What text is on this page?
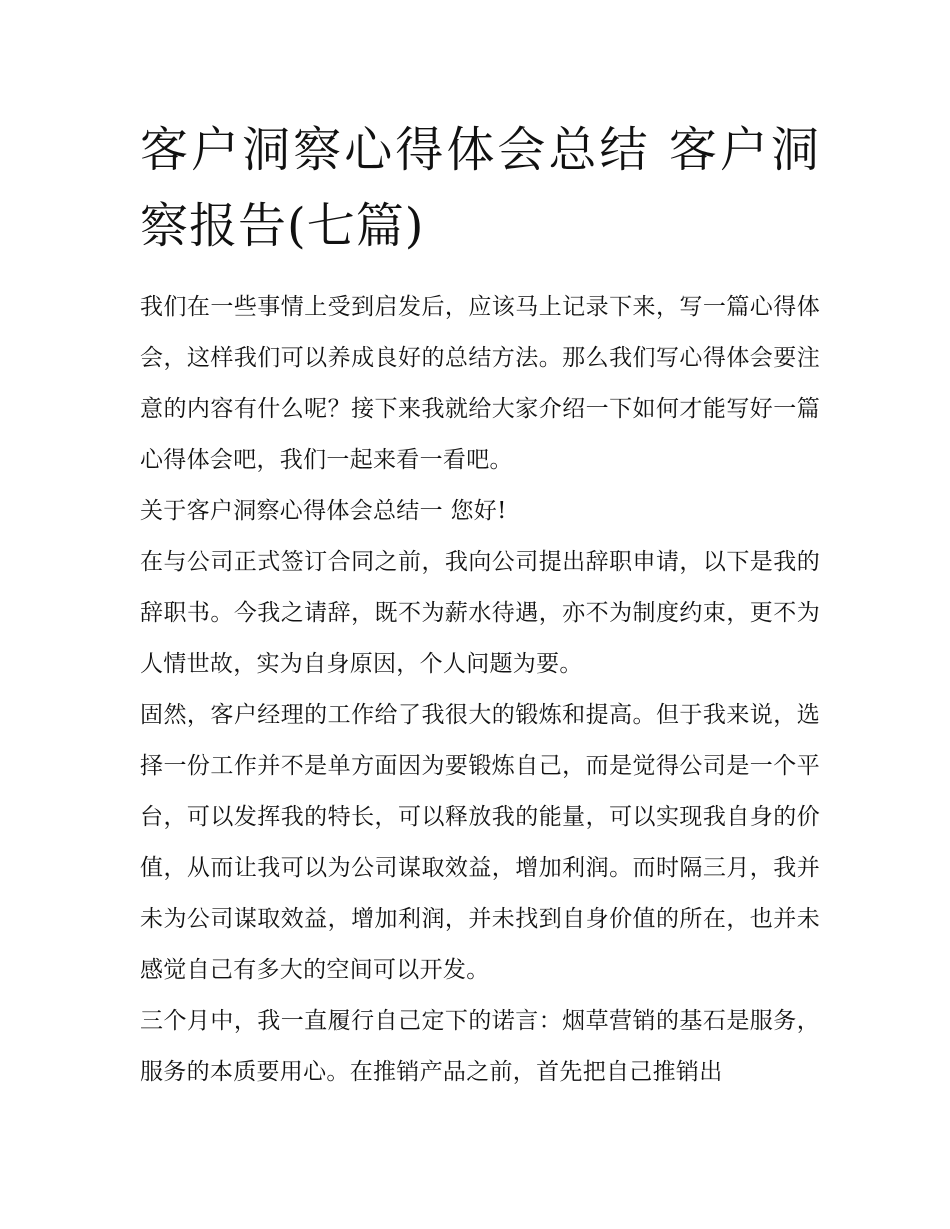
客户洞察心得体会总结 客户洞察报告(七篇)

我们在一些事情上受到启发后，应该马上记录下来，写一篇心得体会，这样我们可以养成良好的总结方法。那么我们写心得体会要注意的内容有什么呢？接下来我就给大家介绍一下如何才能写好一篇心得体会吧，我们一起来看一看吧。

关于客户洞察心得体会总结一 您好!

在与公司正式签订合同之前，我向公司提出辞职申请，以下是我的辞职书。今我之请辞，既不为薪水待遇，亦不为制度约束，更不为人情世故，实为自身原因，个人问题为要。

固然，客户经理的工作给了我很大的锻炼和提高。但于我来说，选择一份工作并不是单方面因为要锻炼自己，而是觉得公司是一个平台，可以发挥我的特长，可以释放我的能量，可以实现我自身的价值，从而让我可以为公司谋取效益，增加利润。而时隔三月，我并未为公司谋取效益，增加利润，并未找到自身价值的所在，也并未感觉自己有多大的空间可以开发。

三个月中，我一直履行自己定下的诺言：烟草营销的基石是服务，服务的本质要用心。在推销产品之前，首先把自己推销出
